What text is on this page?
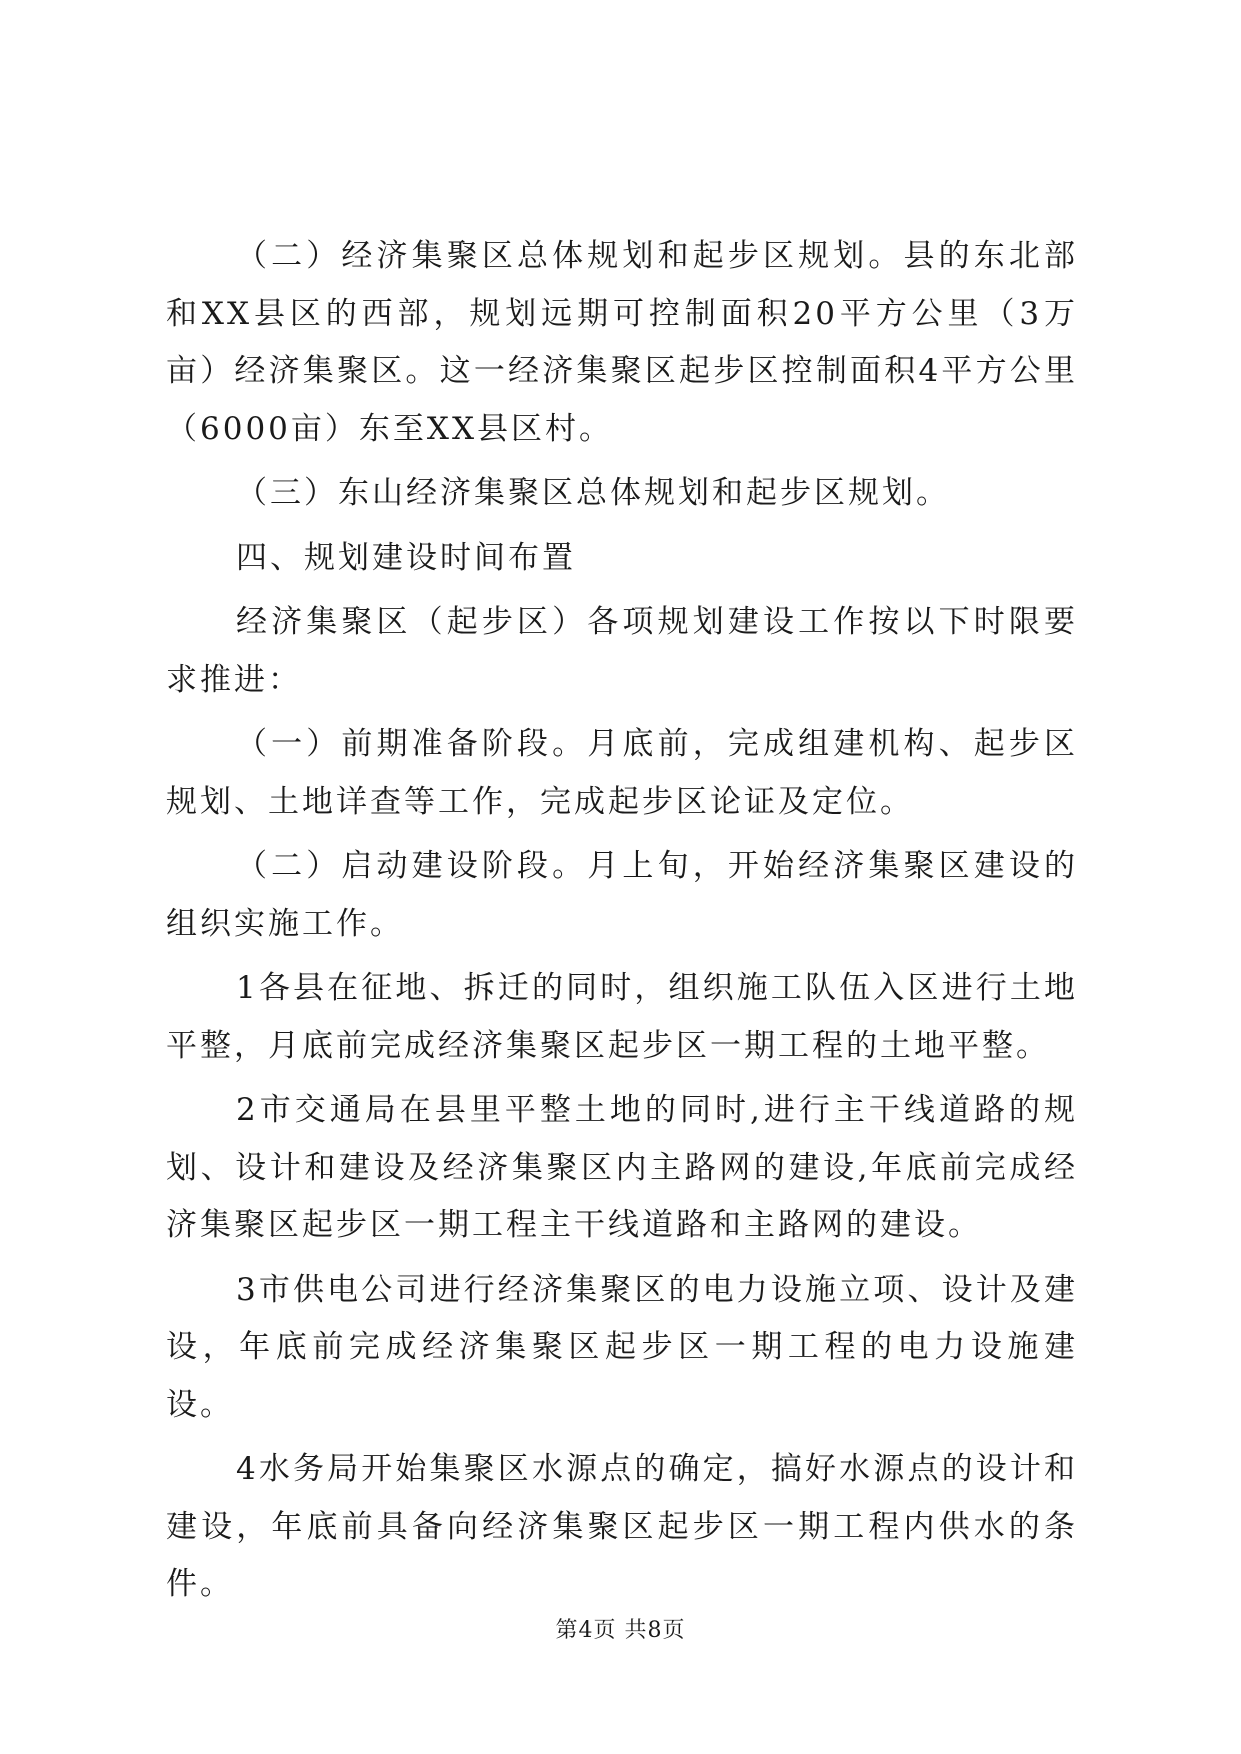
（二）经济集聚区总体规划和起步区规划。县的东北部和XX县区的西部，规划远期可控制面积20平方公里（3万亩）经济集聚区。这一经济集聚区起步区控制面积4平方公里（6000亩）东至XX县区村。

（三）东山经济集聚区总体规划和起步区规划。

四、规划建设时间布置

经济集聚区（起步区）各项规划建设工作按以下时限要求推进：

（一）前期准备阶段。月底前，完成组建机构、起步区规划、土地详查等工作，完成起步区论证及定位。

（二）启动建设阶段。月上旬，开始经济集聚区建设的组织实施工作。

1各县在征地、拆迁的同时，组织施工队伍入区进行土地平整，月底前完成经济集聚区起步区一期工程的土地平整。

2市交通局在县里平整土地的同时,进行主干线道路的规划、设计和建设及经济集聚区内主路网的建设,年底前完成经济集聚区起步区一期工程主干线道路和主路网的建设。

3市供电公司进行经济集聚区的电力设施立项、设计及建设，年底前完成经济集聚区起步区一期工程的电力设施建设。

4水务局开始集聚区水源点的确定，搞好水源点的设计和建设，年底前具备向经济集聚区起步区一期工程内供水的条件。

第4页 共8页
